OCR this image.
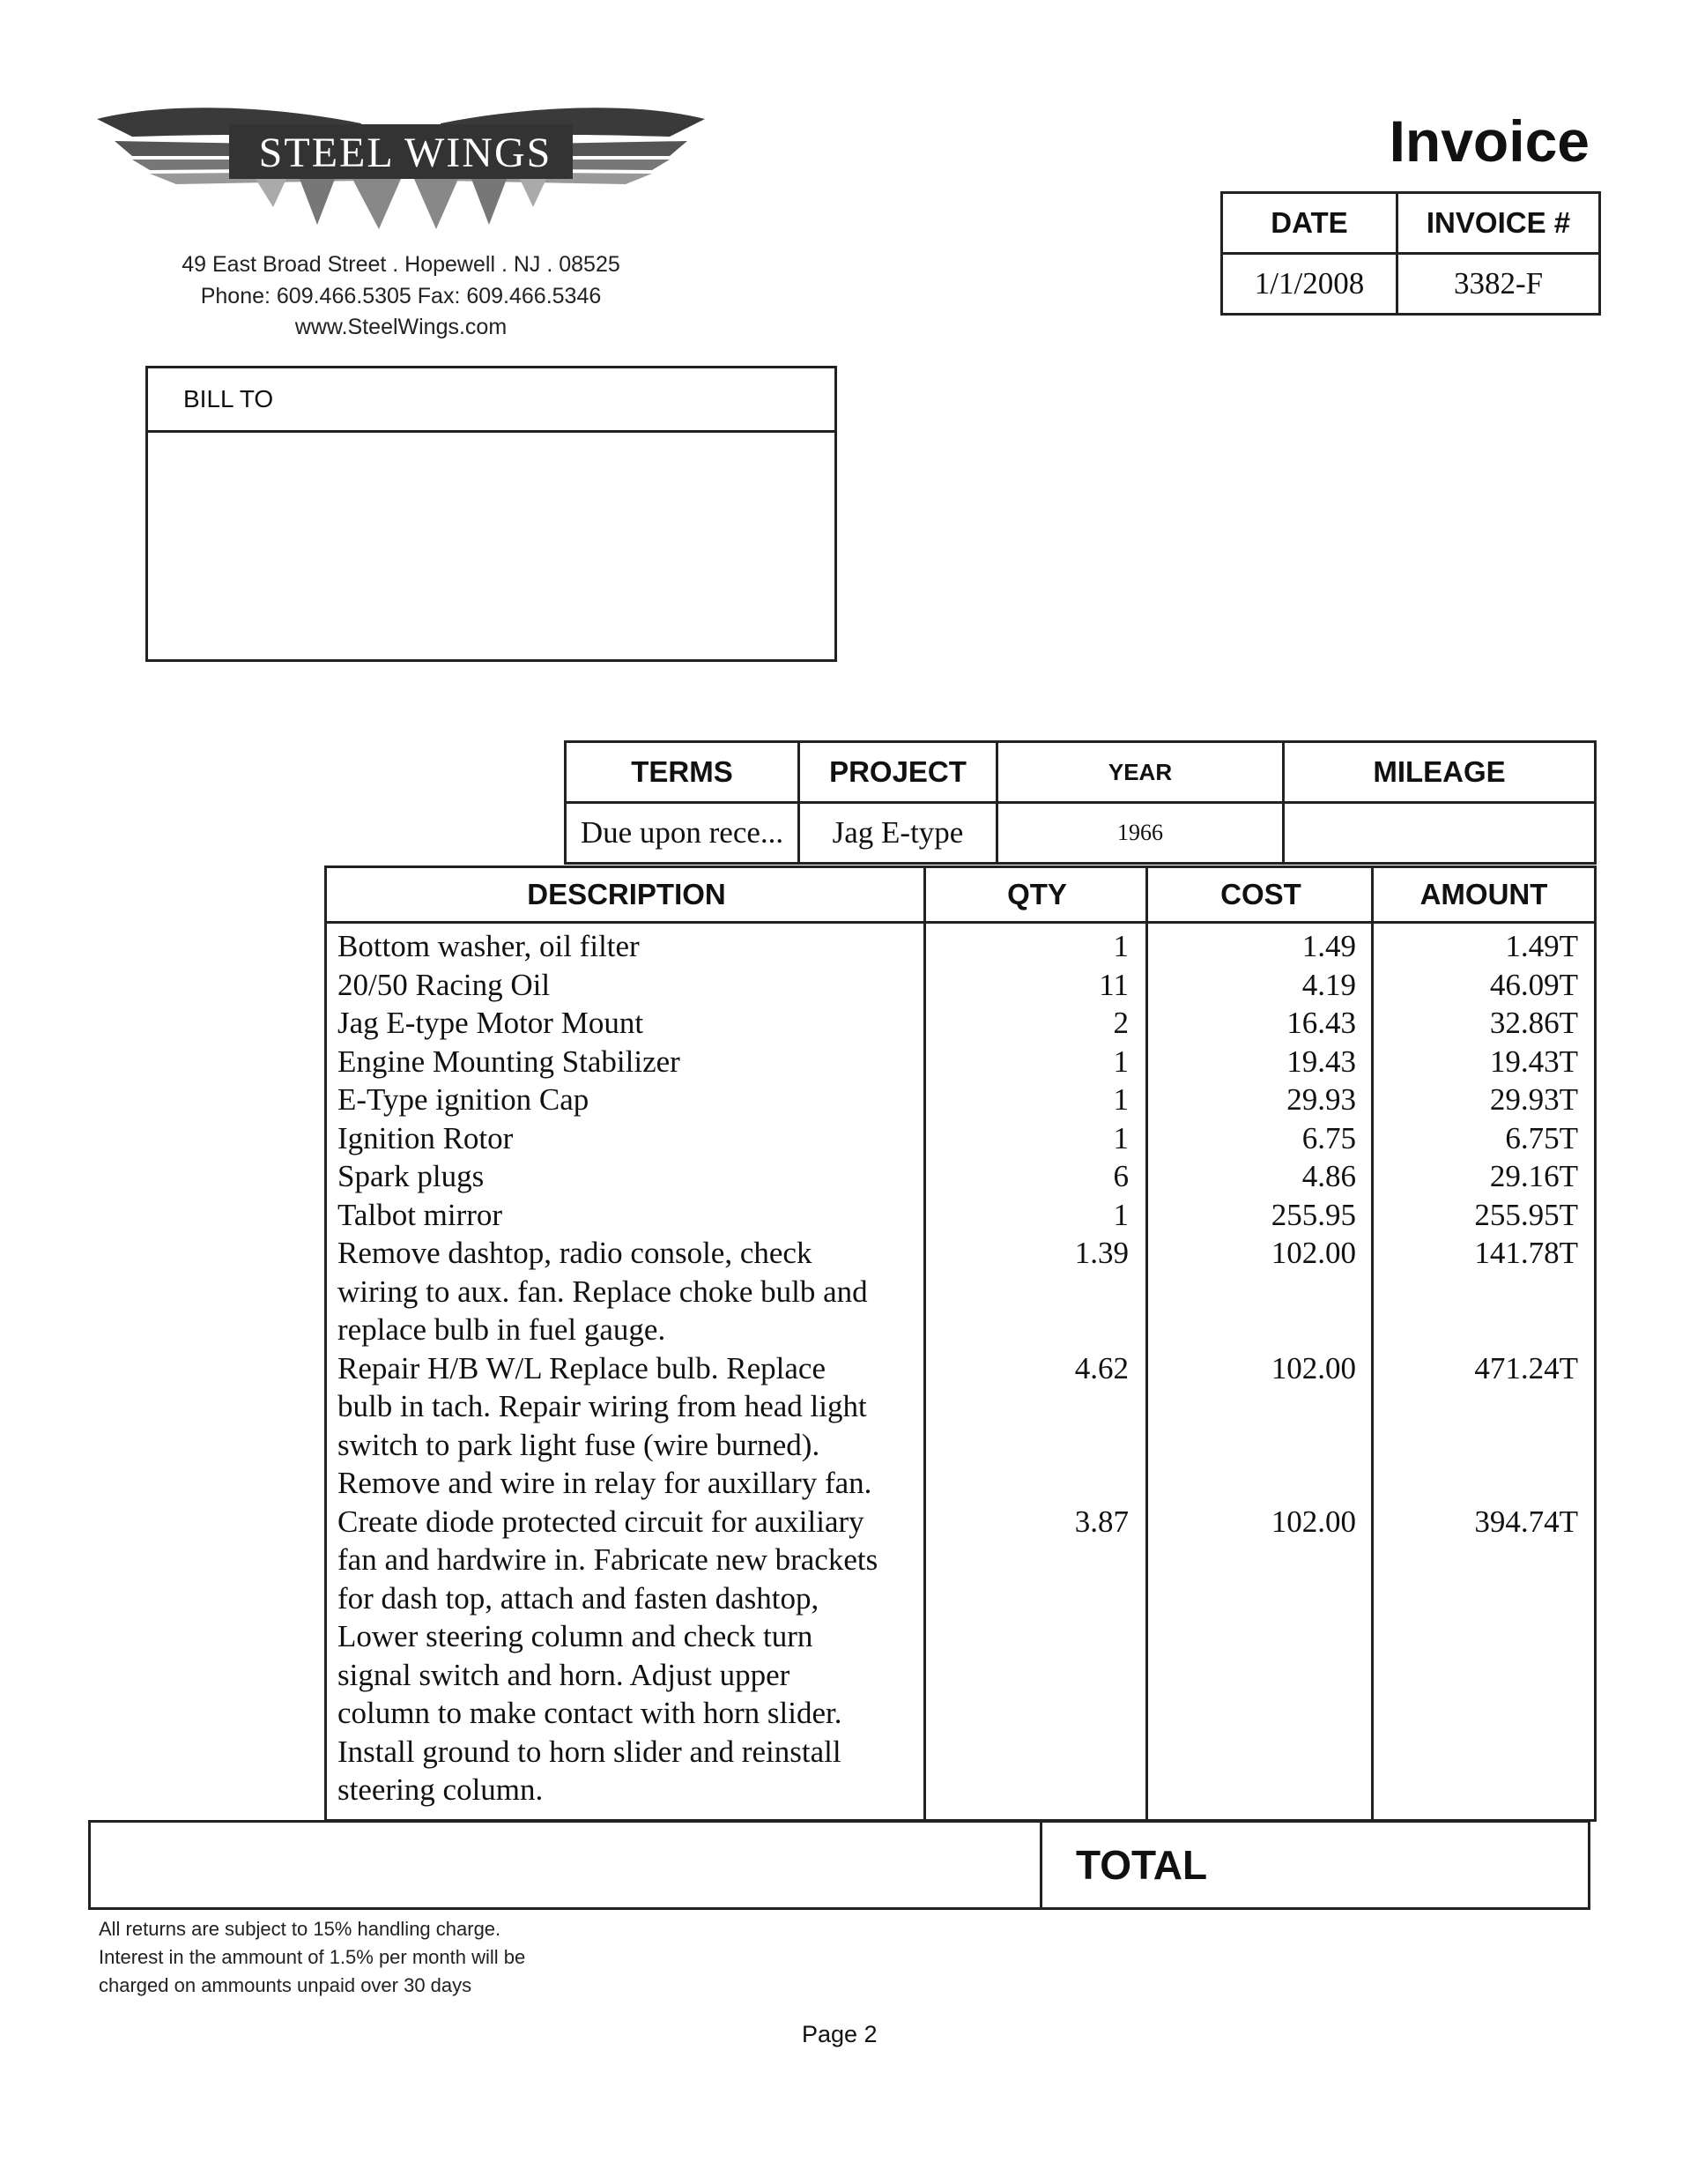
STEEL WINGS
49 East Broad Street . Hopewell . NJ . 08525
Phone: 609.466.5305 Fax: 609.466.5346
www.SteelWings.com
Invoice
DATE	INVOICE #
1/1/2008	3382-F
BILL TO
TERMS	PROJECT	YEAR	MILEAGE
Due upon rece...	Jag E-type	1966	
DESCRIPTION	QTY	COST	AMOUNT
Bottom washer, oil filter	1	1.49	1.49T
20/50 Racing Oil	11	4.19	46.09T
Jag E-type Motor Mount	2	16.43	32.86T
Engine Mounting Stabilizer	1	19.43	19.43T
E-Type ignition Cap	1	29.93	29.93T
Ignition Rotor	1	6.75	6.75T
Spark plugs	6	4.86	29.16T
Talbot mirror	1	255.95	255.95T
Remove dashtop, radio console, check
wiring to aux. fan. Replace choke bulb and
replace bulb in fuel gauge.
1.39	102.00	141.78T
Repair H/B W/L Replace bulb. Replace
bulb in tach. Repair wiring from head light
switch to park light fuse (wire burned).
Remove and wire in relay for auxillary fan.
4.62	102.00	471.24T
Create diode protected circuit for auxiliary
fan and hardwire in. Fabricate new brackets
for dash top, attach and fasten dashtop,
Lower steering column and check turn
signal switch and horn. Adjust upper
column to make contact with horn slider.
Install ground to horn slider and reinstall
steering column.
3.87	102.00	394.74T
TOTAL
All returns are subject to 15% handling charge.
Interest in the ammount of 1.5% per month will be
charged on ammounts unpaid over 30 days
Page 2
